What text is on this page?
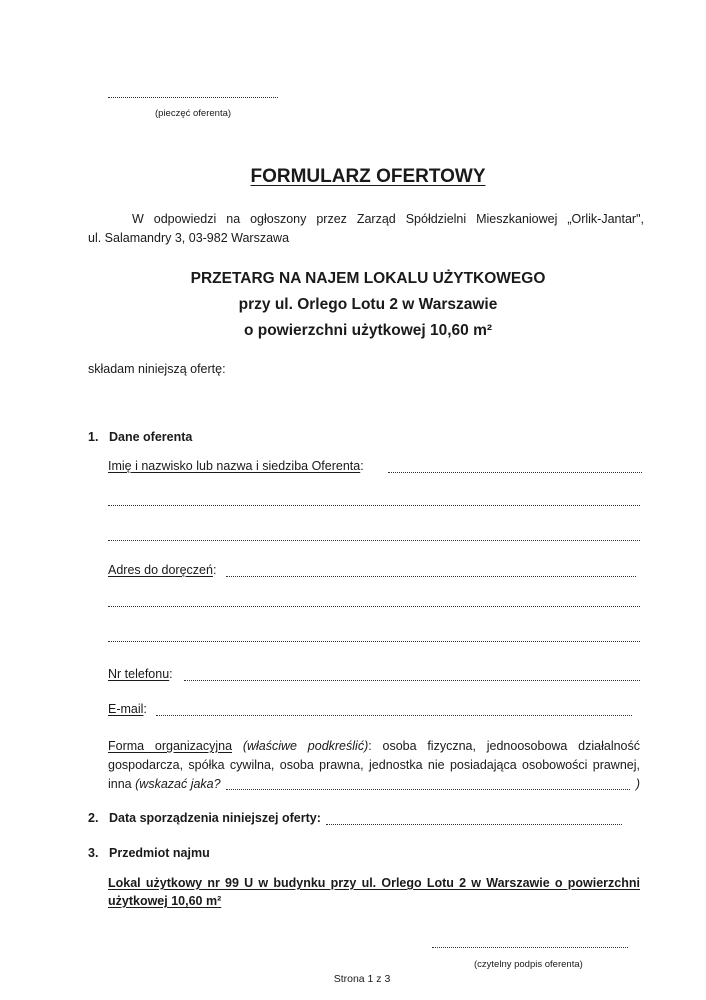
(pieczęć oferenta)
FORMULARZ OFERTOWY
W odpowiedzi na ogłoszony przez Zarząd Spółdzielni Mieszkaniowej „Orlik-Jantar",
ul. Salamandry 3, 03-982 Warszawa
PRZETARG NA NAJEM LOKALU UŻYTKOWEGO
przy ul. Orlego Lotu 2 w Warszawie
o powierzchni użytkowej 10,60 m²
składam niniejszą ofertę:
1. Dane oferenta
Imię i nazwisko lub nazwa i siedziba Oferenta:
Adres do doręczeń:
Nr telefonu:
E-mail:
Forma organizacyjna (właściwe podkreślić): osoba fizyczna, jednoosobowa działalność
gospodarcza, spółka cywilna, osoba prawna, jednostka nie posiadająca osobowości prawnej,
inna (wskazać jaka?	)
2. Data sporządzenia niniejszej oferty:
3. Przedmiot najmu
Lokal użytkowy nr 99 U w budynku przy ul. Orlego Lotu 2 w Warszawie o powierzchni
użytkowej 10,60 m²
(czytelny podpis oferenta)
Strona 1 z 3
